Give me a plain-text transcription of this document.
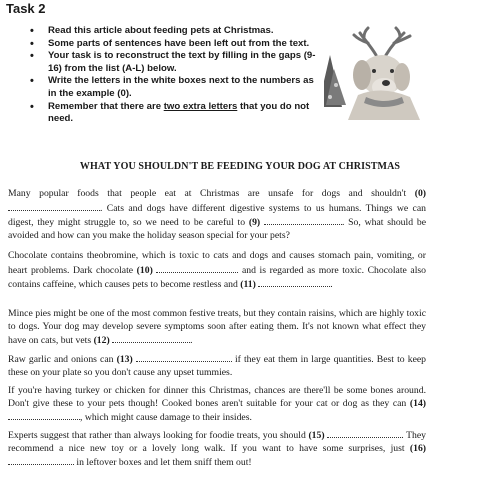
Task 2
• Read this article about feeding pets at Christmas.
• Some parts of sentences have been left out from the text.
• Your task is to reconstruct the text by filling in the gaps (9-16) from the list (A-L) below.
• Write the letters in the white boxes next to the numbers as in the example (0).
• Remember that there are two extra letters that you do not need.
WHAT YOU SHOULDN'T BE FEEDING YOUR DOG AT CHRISTMAS

Many popular foods that people eat at Christmas are unsafe for dogs and shouldn't (0) . Cats and dogs have different digestive systems to us humans. Things we can digest, they might struggle to, so we need to be careful to (9)	. So, what should be avoided and how can you make the holiday season special for your pets?

Chocolate contains theobromine, which is toxic to cats and dogs and causes stomach pain, vomiting, or heart problems. Dark chocolate (10)	and is regarded as more toxic. Chocolate also contains caffeine, which causes pets to become restless and (11)	.

Mince pies might be one of the most common festive treats, but they contain raisins, which are highly toxic to dogs. Your dog may develop severe symptoms soon after eating them. It's not known what effect they have on cats, but vets (12)	.

Raw garlic and onions can (13)	if they eat them in large quantities. Best to keep these on your plate so you don't cause any upset tummies.

If you're having turkey or chicken for dinner this Christmas, chances are there'll be some bones around. Don't give these to your pets though! Cooked bones aren't suitable for your cat or dog as they can (14) , which might cause damage to their insides.

Experts suggest that rather than always looking for foodie treats, you should (15)	. They recommend a nice new toy or a lovely long walk. If you want to have some surprises, just (16)  in leftover boxes and let them sniff them out!
